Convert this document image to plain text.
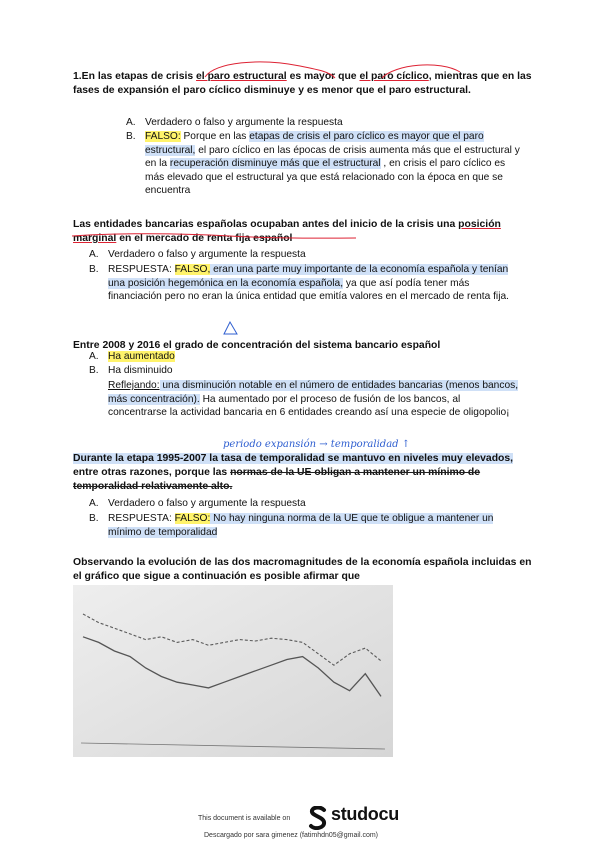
1.En las etapas de crisis el paro estructural es mayor que el paro cíclico, mientras que en las fases de expansión el paro cíclico disminuye y es menor que el paro estructural.

A. Verdadero o falso y argumente la respuesta
B. FALSO: Porque en las etapas de crisis el paro cíclico es mayor que el paro estructural, el paro cíclico en las épocas de crisis aumenta más que el estructural y en la recuperación disminuye más que el estructural , en crisis el paro cíclico es más elevado que el estructural ya que está relacionado con la época en que se encuentra

Las entidades bancarias españolas ocupaban antes del inicio de la crisis una posición marginal en el mercado de renta fija español

A. Verdadero o falso y argumente la respuesta
B. RESPUESTA: FALSO, eran una parte muy importante de la economía española y tenían una posición hegemónica en la economía española, ya que así podía tener más financiación pero no eran la única entidad que emitía valores en el mercado de renta fija.

Entre 2008 y 2016 el grado de concentración del sistema bancario español

A. Ha aumentado
B. Ha disminuido
Reflejando: una disminución notable en el número de entidades bancarias (menos bancos, más concentración). Ha aumentado por el proceso de fusión de los bancos, al concentrarse la actividad bancaria en 6 entidades creando así una especie de oligopolio¡
periodo expansión → temporalidad ↑

Durante la etapa 1995-2007 la tasa de temporalidad se mantuvo en niveles muy elevados, entre otras razones, porque las normas de la UE obligan a mantener un mínimo de temporalidad relativamente alto.

A. Verdadero o falso y argumente la respuesta
B. RESPUESTA: FALSO: No hay ninguna norma de la UE que te obligue a mantener un mínimo de temporalidad

Observando la evolución de las dos macromagnitudes de la economía española incluidas en el gráfico que sigue a continuación es posible afirmar que

This document is available on studocu
Descargado por sara gimenez (fatimhdn05@gmail.com)
